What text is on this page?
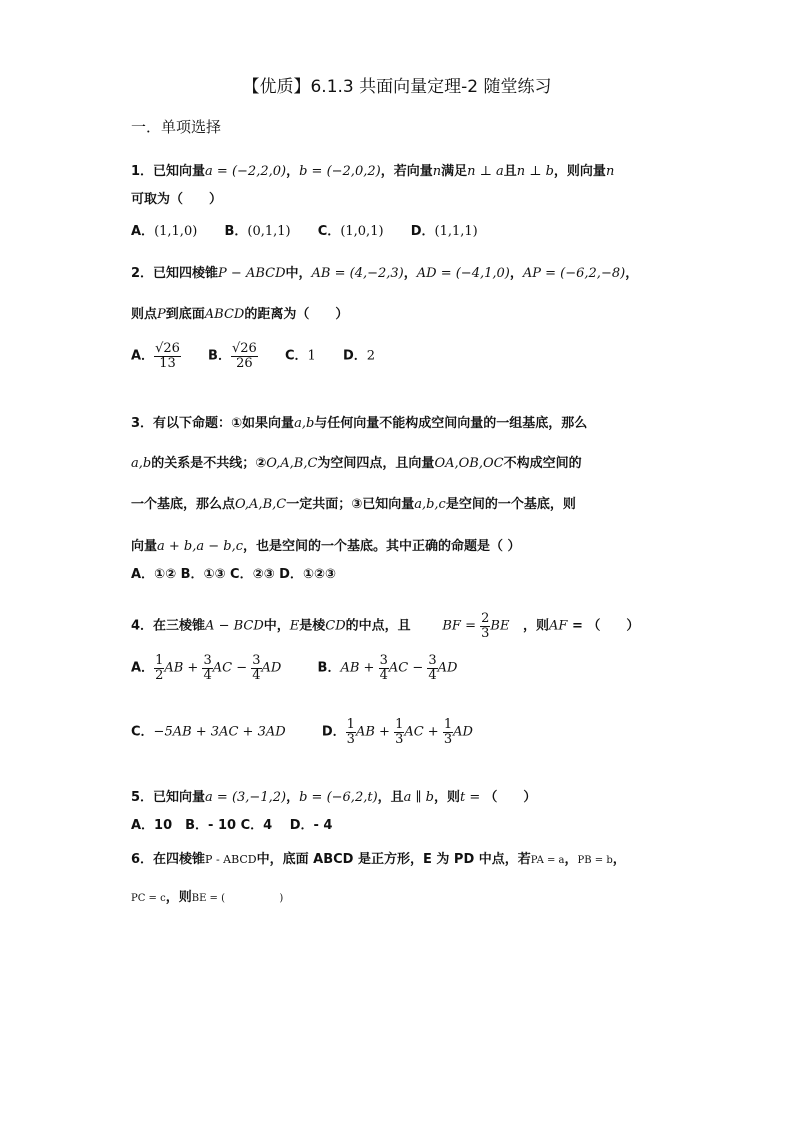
【优质】6.1.3 共面向量定理-2 随堂练习
一．单项选择
1．已知向量a = (−2,2,0)，b = (−2,0,2)，若向量n满足n ⊥ a且n ⊥ b，则向量n
可取为（　　）
A．(1,1,0) B．(0,1,1) C．(1,0,1) D．(1,1,1)
2．已知四棱锥P − ABCD中，AB = (4,−2,3)，AD = (−4,1,0)，AP = (−6,2,−8)，
则点P到底面ABCD的距离为（　　）
A． $\frac{√26}{13}$ B． $\frac{√26}{26}$ C．1 D．2
3．有以下命题：①如果向量a,b与任何向量不能构成空间向量的一组基底，那么
a,b的关系是不共线；②O,A,B,C为空间四点，且向量OA,OB,OC不构成空间的
一个基底，那么点O,A,B,C一定共面；③已知向量a,b,c是空间的一个基底，则
向量a + b,a − b,c，也是空间的一个基底。其中正确的命题是（ ）
A．①② B．①③ C．②③ D．①②③
4．在三棱锥A − BCD中，E是棱CD的中点，且 BF = $\frac{2}{3}$ BE ，则AF = （　　）
A． $\frac{1}{2}$ AB + $\frac{3}{4}$ AC − $\frac{3}{4}$ AD	B．AB + $\frac{3}{4}$ AC − $\frac{3}{4}$ AD
C．−5AB + 3AC + 3AD	D． $\frac{1}{3}$ AB + $\frac{1}{3}$ AC + $\frac{1}{3}$ AD
5．已知向量a = (3,−1,2)，b = (−6,2,t)，且a ∥ b，则t = （　　）
A．10　B．- 10 C．4　 D．- 4
6．在四棱锥P - ABCD中，底面 ABCD 是正方形，E 为 PD 中点，若PA = a，PB = b，
PC = c，则BE = (	)
